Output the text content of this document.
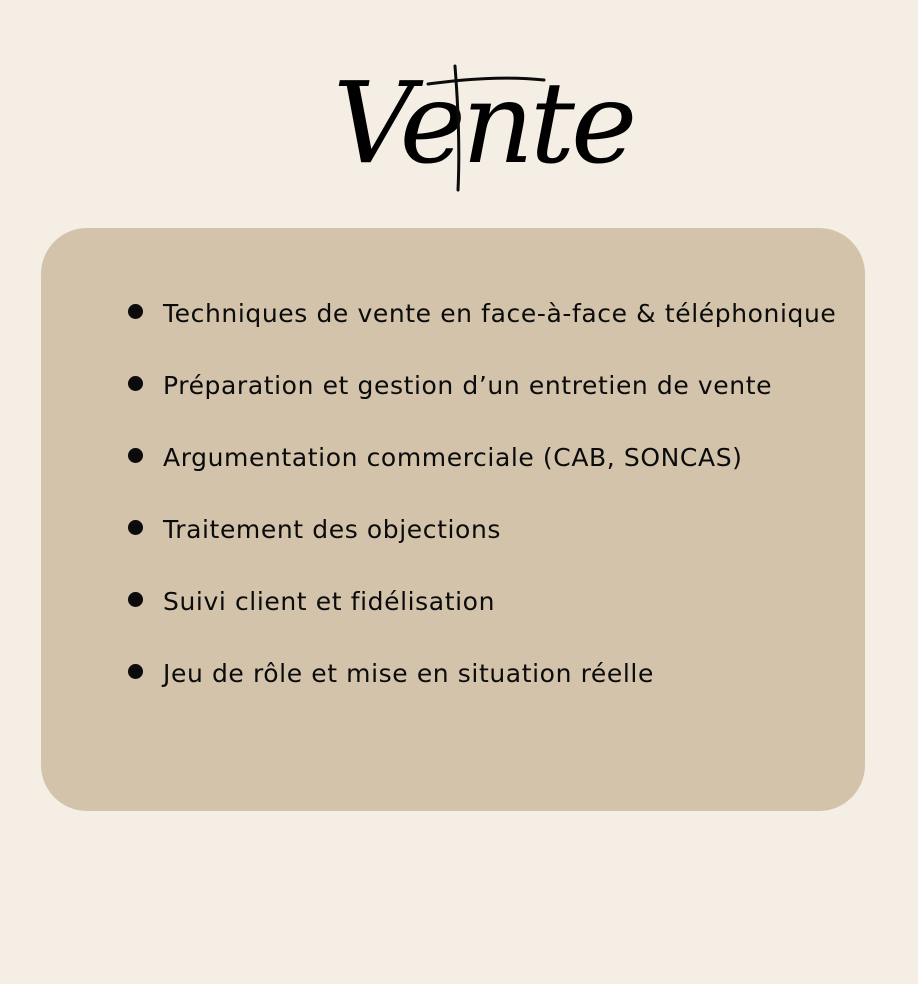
Vente
Techniques de vente en face-à-face & téléphonique
Préparation et gestion d’un entretien de vente
Argumentation commerciale (CAB, SONCAS)
Traitement des objections
Suivi client et fidélisation
Jeu de rôle et mise en situation réelle
